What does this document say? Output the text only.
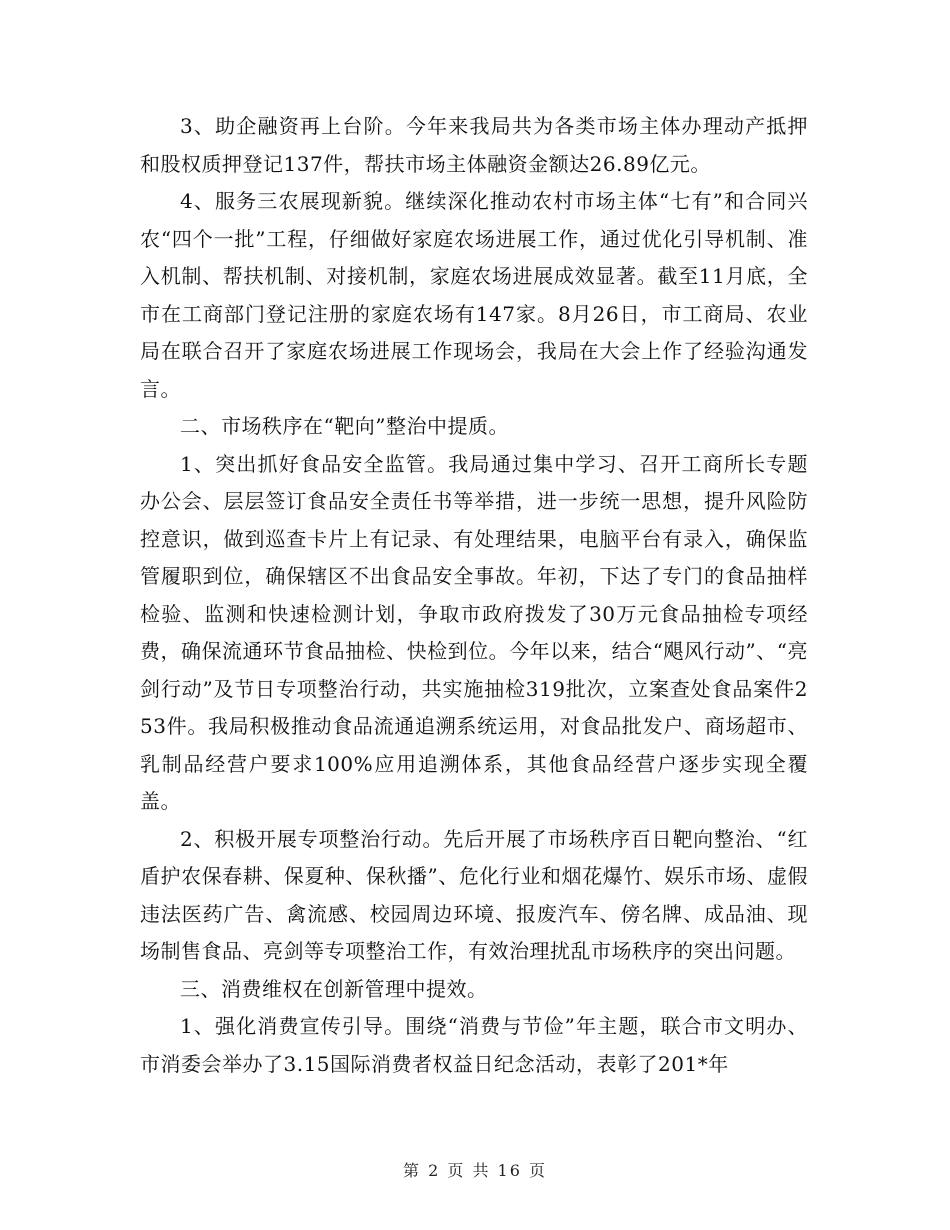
3、助企融资再上台阶。今年来我局共为各类市场主体办理动产抵押和股权质押登记137件，帮扶市场主体融资金额达26.89亿元。

4、服务三农展现新貌。继续深化推动农村市场主体“七有”和合同兴农“四个一批”工程，仔细做好家庭农场进展工作，通过优化引导机制、准入机制、帮扶机制、对接机制，家庭农场进展成效显著。截至11月底，全市在工商部门登记注册的家庭农场有147家。8月26日，市工商局、农业局在联合召开了家庭农场进展工作现场会，我局在大会上作了经验沟通发言。

二、市场秩序在“靶向”整治中提质。

1、突出抓好食品安全监管。我局通过集中学习、召开工商所长专题办公会、层层签订食品安全责任书等举措，进一步统一思想，提升风险防控意识，做到巡查卡片上有记录、有处理结果，电脑平台有录入，确保监管履职到位，确保辖区不出食品安全事故。年初，下达了专门的食品抽样检验、监测和快速检测计划，争取市政府拨发了30万元食品抽检专项经费，确保流通环节食品抽检、快检到位。今年以来，结合“飓风行动”、“亮剑行动”及节日专项整治行动，共实施抽检319批次，立案查处食品案件253件。我局积极推动食品流通追溯系统运用，对食品批发户、商场超市、乳制品经营户要求100%应用追溯体系，其他食品经营户逐步实现全覆盖。

2、积极开展专项整治行动。先后开展了市场秩序百日靶向整治、“红盾护农保春耕、保夏种、保秋播”、危化行业和烟花爆竹、娱乐市场、虚假违法医药广告、禽流感、校园周边环境、报废汽车、傍名牌、成品油、现场制售食品、亮剑等专项整治工作，有效治理扰乱市场秩序的突出问题。

三、消费维权在创新管理中提效。

1、强化消费宣传引导。围绕“消费与节俭”年主题，联合市文明办、市消委会举办了3.15国际消费者权益日纪念活动，表彰了201*年

第 2 页 共 16 页
